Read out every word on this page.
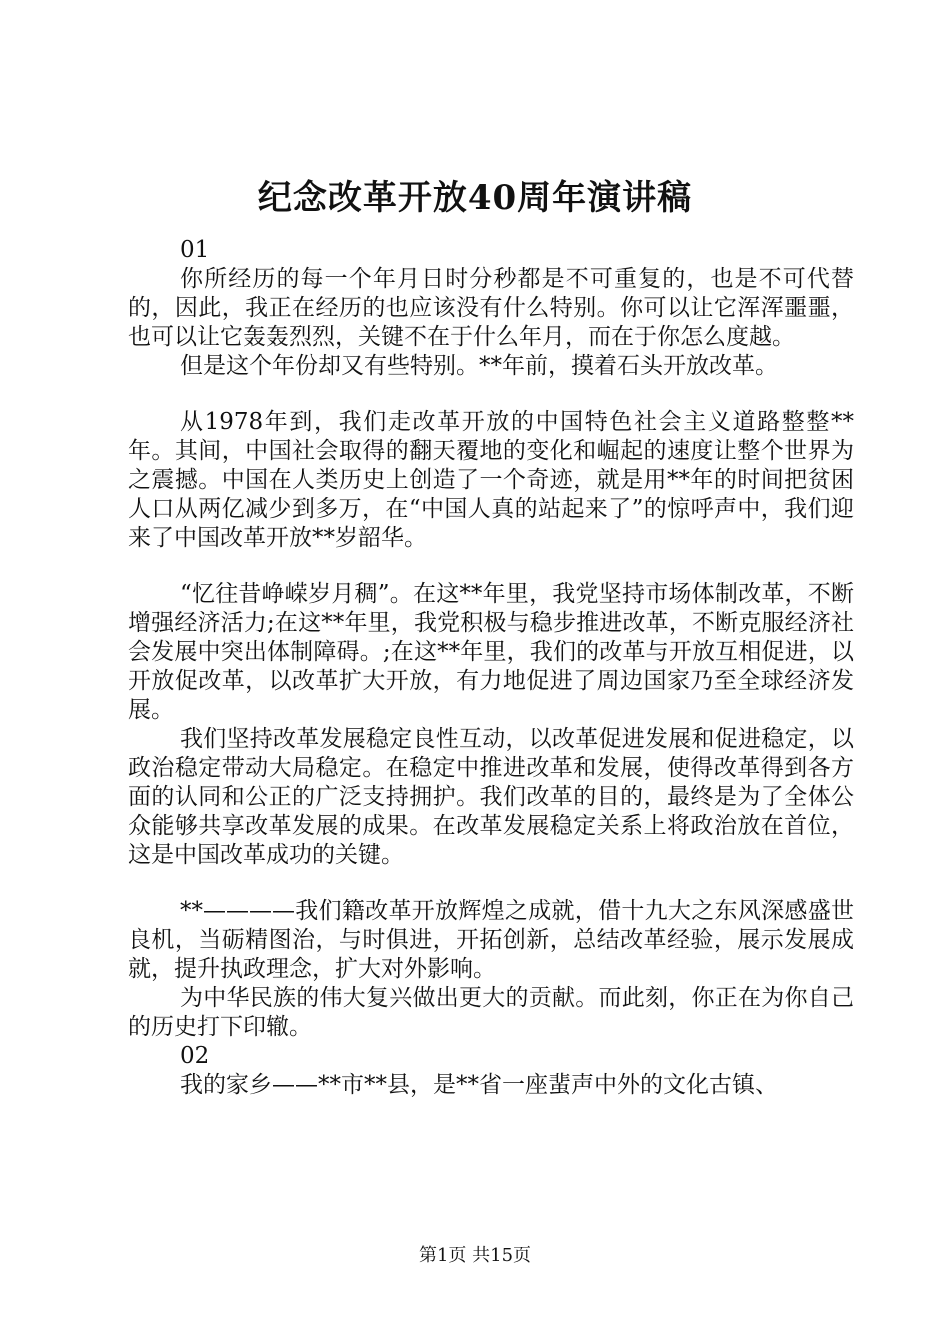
纪念改革开放40周年演讲稿

01

你所经历的每一个年月日时分秒都是不可重复的，也是不可代替的，因此，我正在经历的也应该没有什么特别。你可以让它浑浑噩噩，也可以让它轰轰烈烈，关键不在于什么年月，而在于你怎么度越。

但是这个年份却又有些特别。**年前，摸着石头开放改革。

从1978年到，我们走改革开放的中国特色社会主义道路整整**年。其间，中国社会取得的翻天覆地的变化和崛起的速度让整个世界为之震撼。中国在人类历史上创造了一个奇迹，就是用**年的时间把贫困人口从两亿减少到多万，在“中国人真的站起来了”的惊呼声中，我们迎来了中国改革开放**岁韶华。

“忆往昔峥嵘岁月稠”。在这**年里，我党坚持市场体制改革，不断增强经济活力;在这**年里，我党积极与稳步推进改革，不断克服经济社会发展中突出体制障碍。;在这**年里，我们的改革与开放互相促进，以开放促改革，以改革扩大开放，有力地促进了周边国家乃至全球经济发展。

我们坚持改革发展稳定良性互动，以改革促进发展和促进稳定，以政治稳定带动大局稳定。在稳定中推进改革和发展，使得改革得到各方面的认同和公正的广泛支持拥护。我们改革的目的，最终是为了全体公众能够共享改革发展的成果。在改革发展稳定关系上将政治放在首位，这是中国改革成功的关键。

**————我们籍改革开放辉煌之成就，借十九大之东风深感盛世良机，当砺精图治，与时俱进，开拓创新，总结改革经验，展示发展成就，提升执政理念，扩大对外影响。

为中华民族的伟大复兴做出更大的贡献。而此刻，你正在为你自己的历史打下印辙。

02

我的家乡——**市**县，是**省一座蜚声中外的文化古镇、

第1页 共15页
